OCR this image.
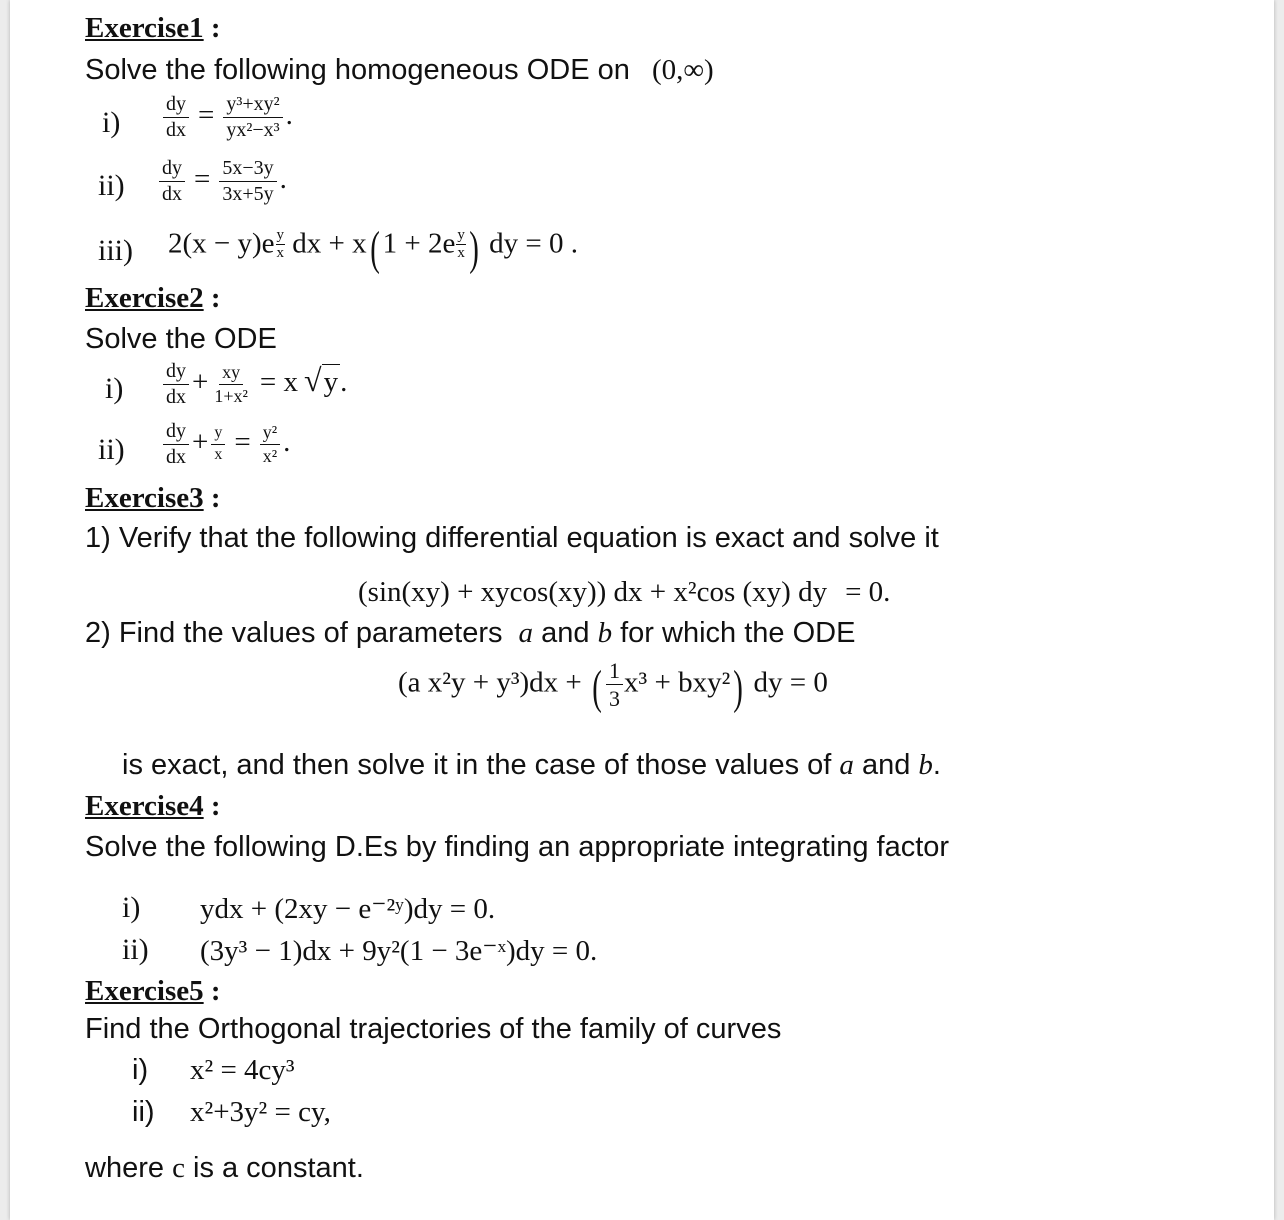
Exercise1 :
Solve the following homogeneous ODE on (0,∞)
$i) \frac{dy}{dx} = \frac{\text{y³+xy²}}{\text{yx²−x³}}$ .
$ii) \frac{dy}{dx} = \frac{5x-3y}{3x+5y}$ .
iii) $2(x - y)e \frac{y}{x}$ dx + x( $1 + 2e \frac{y}{x}$ ) dy = 0 .
Exercise2 :
Solve the ODE
$i) \frac{dy}{dx} + \frac{xy}{\text{1+x²}} = x$ √y.
$ii) \frac{dy}{dx} + \frac{y}{x} = \frac{\text{y²}}{\text{x²}}$ .
Exercise3 :
1) Verify that the following differential equation is exact and solve it
(sin(xy) + xycos(xy)) dx + x²cos (xy) dy = 0.
2) Find the values of parameters a and b for which the ODE
(a x²y + y³)dx + ( $\frac{1}{3} x^3 + bxy^2$) dy = 0
is exact, and then solve it in the case of those values of a and b.
Exercise4 :
Solve the following D.Es by finding an appropriate integrating factor
i) ydx + (2xy − e⁻²ʸ)dy = 0.
ii) (3y³ − 1)dx + 9y²(1 − 3e⁻ˣ)dy = 0.
Exercise5 :
Find the Orthogonal trajectories of the family of curves
i) x² = 4cy³
ii) x²+3y² = cy,
where c is a constant.
